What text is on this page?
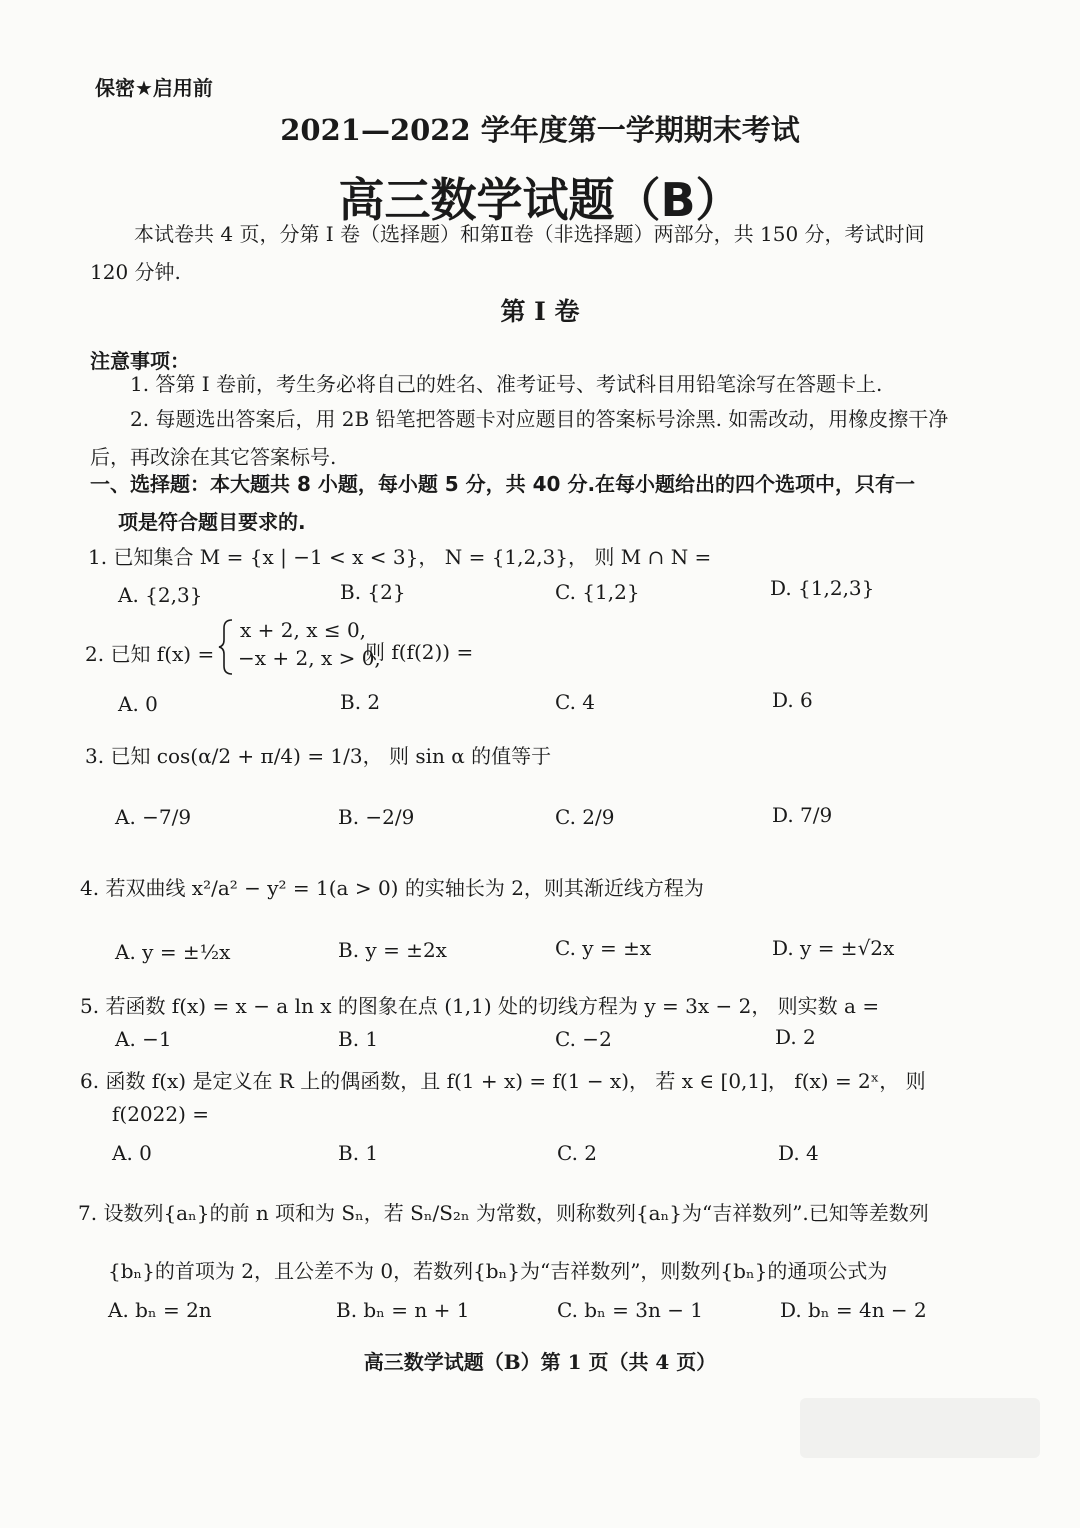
保密★启用前
2021—2022 学年度第一学期期末考试
高三数学试题（B）
本试卷共 4 页，分第 I 卷（选择题）和第Ⅱ卷（非选择题）两部分，共 150 分，考试时间 120 分钟.
第 I 卷
注意事项：
1. 答第 I 卷前，考生务必将自己的姓名、准考证号、考试科目用铅笔涂写在答题卡上.
2. 每题选出答案后，用 2B 铅笔把答题卡对应题目的答案标号涂黑. 如需改动，用橡皮擦干净后，再改涂在其它答案标号.
一、选择题：本大题共 8 小题，每小题 5 分，共 40 分.在每小题给出的四个选项中，只有一
项是符合题目要求的.
1. 已知集合 M = {x | −1 < x < 3}， N = {1,2,3}， 则 M ∩ N =
A. {2,3}	B. {2}	C. {1,2}	D. {1,2,3}
2. 已知 f(x) =
x + 2, x ≤ 0,
−x + 2, x > 0,
则 f(f(2)) =
A. 0	B. 2	C. 4	D. 6
3. 已知 cos(α/2 + π/4) = 1/3， 则 sin α 的值等于
A. −7/9	B. −2/9	C. 2/9	D. 7/9
4. 若双曲线 x²/a² − y² = 1(a > 0) 的实轴长为 2，则其渐近线方程为
A. y = ±½x	B. y = ±2x	C. y = ±x	D. y = ±√2x
5. 若函数 f(x) = x − a ln x 的图象在点 (1,1) 处的切线方程为 y = 3x − 2， 则实数 a =
A. −1	B. 1	C. −2	D. 2
6. 函数 f(x) 是定义在 R 上的偶函数，且 f(1 + x) = f(1 − x)， 若 x ∈ [0,1]， f(x) = 2ˣ， 则
f(2022) =
A. 0	B. 1	C. 2	D. 4
7. 设数列{aₙ}的前 n 项和为 Sₙ，若 Sₙ/S₂ₙ 为常数，则称数列{aₙ}为“吉祥数列”.已知等差数列
{bₙ}的首项为 2，且公差不为 0，若数列{bₙ}为“吉祥数列”，则数列{bₙ}的通项公式为
A. bₙ = 2n	B. bₙ = n + 1	C. bₙ = 3n − 1	D. bₙ = 4n − 2
高三数学试题（B）第 1 页（共 4 页）
